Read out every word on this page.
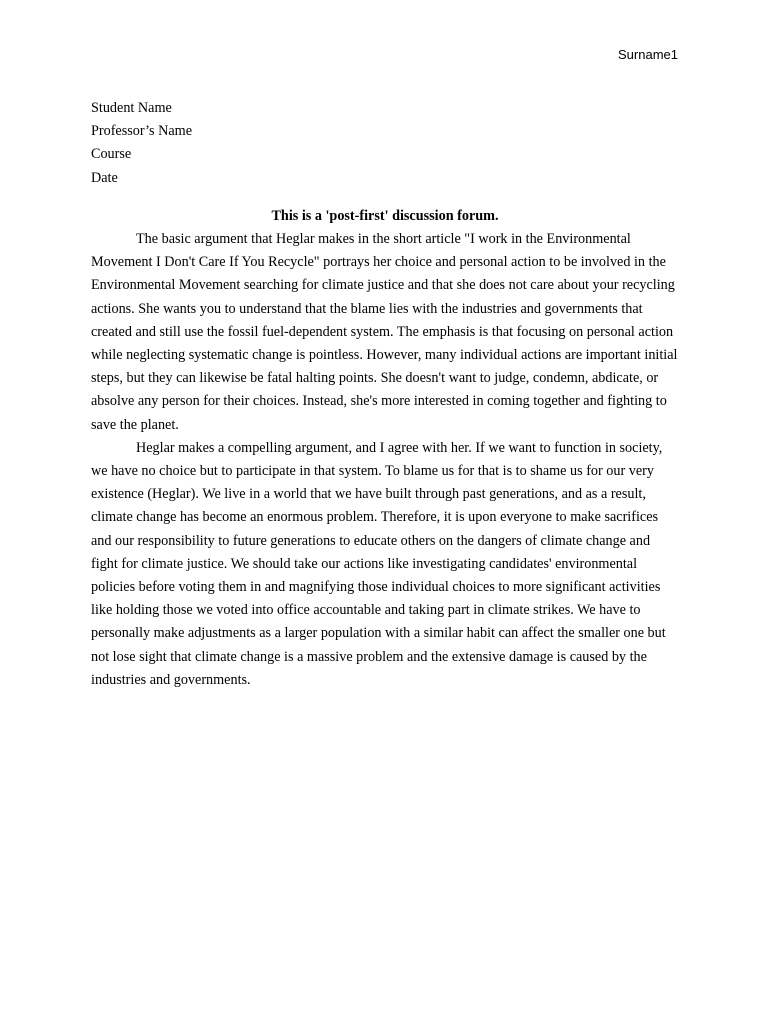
Surname1

Student Name

Professor’s Name

Course

Date

This is a 'post-first' discussion forum.

The basic argument that Heglar makes in the short article "I work in the Environmental Movement I Don't Care If You Recycle" portrays her choice and personal action to be involved in the Environmental Movement searching for climate justice and that she does not care about your recycling actions. She wants you to understand that the blame lies with the industries and governments that created and still use the fossil fuel-dependent system. The emphasis is that focusing on personal action while neglecting systematic change is pointless. However, many individual actions are important initial steps, but they can likewise be fatal halting points. She doesn't want to judge, condemn, abdicate, or absolve any person for their choices. Instead, she's more interested in coming together and fighting to save the planet.

Heglar makes a compelling argument, and I agree with her. If we want to function in society, we have no choice but to participate in that system. To blame us for that is to shame us for our very existence (Heglar). We live in a world that we have built through past generations, and as a result, climate change has become an enormous problem. Therefore, it is upon everyone to make sacrifices and our responsibility to future generations to educate others on the dangers of climate change and fight for climate justice. We should take our actions like investigating candidates' environmental policies before voting them in and magnifying those individual choices to more significant activities like holding those we voted into office accountable and taking part in climate strikes. We have to personally make adjustments as a larger population with a similar habit can affect the smaller one but not lose sight that climate change is a massive problem and the extensive damage is caused by the industries and governments.
